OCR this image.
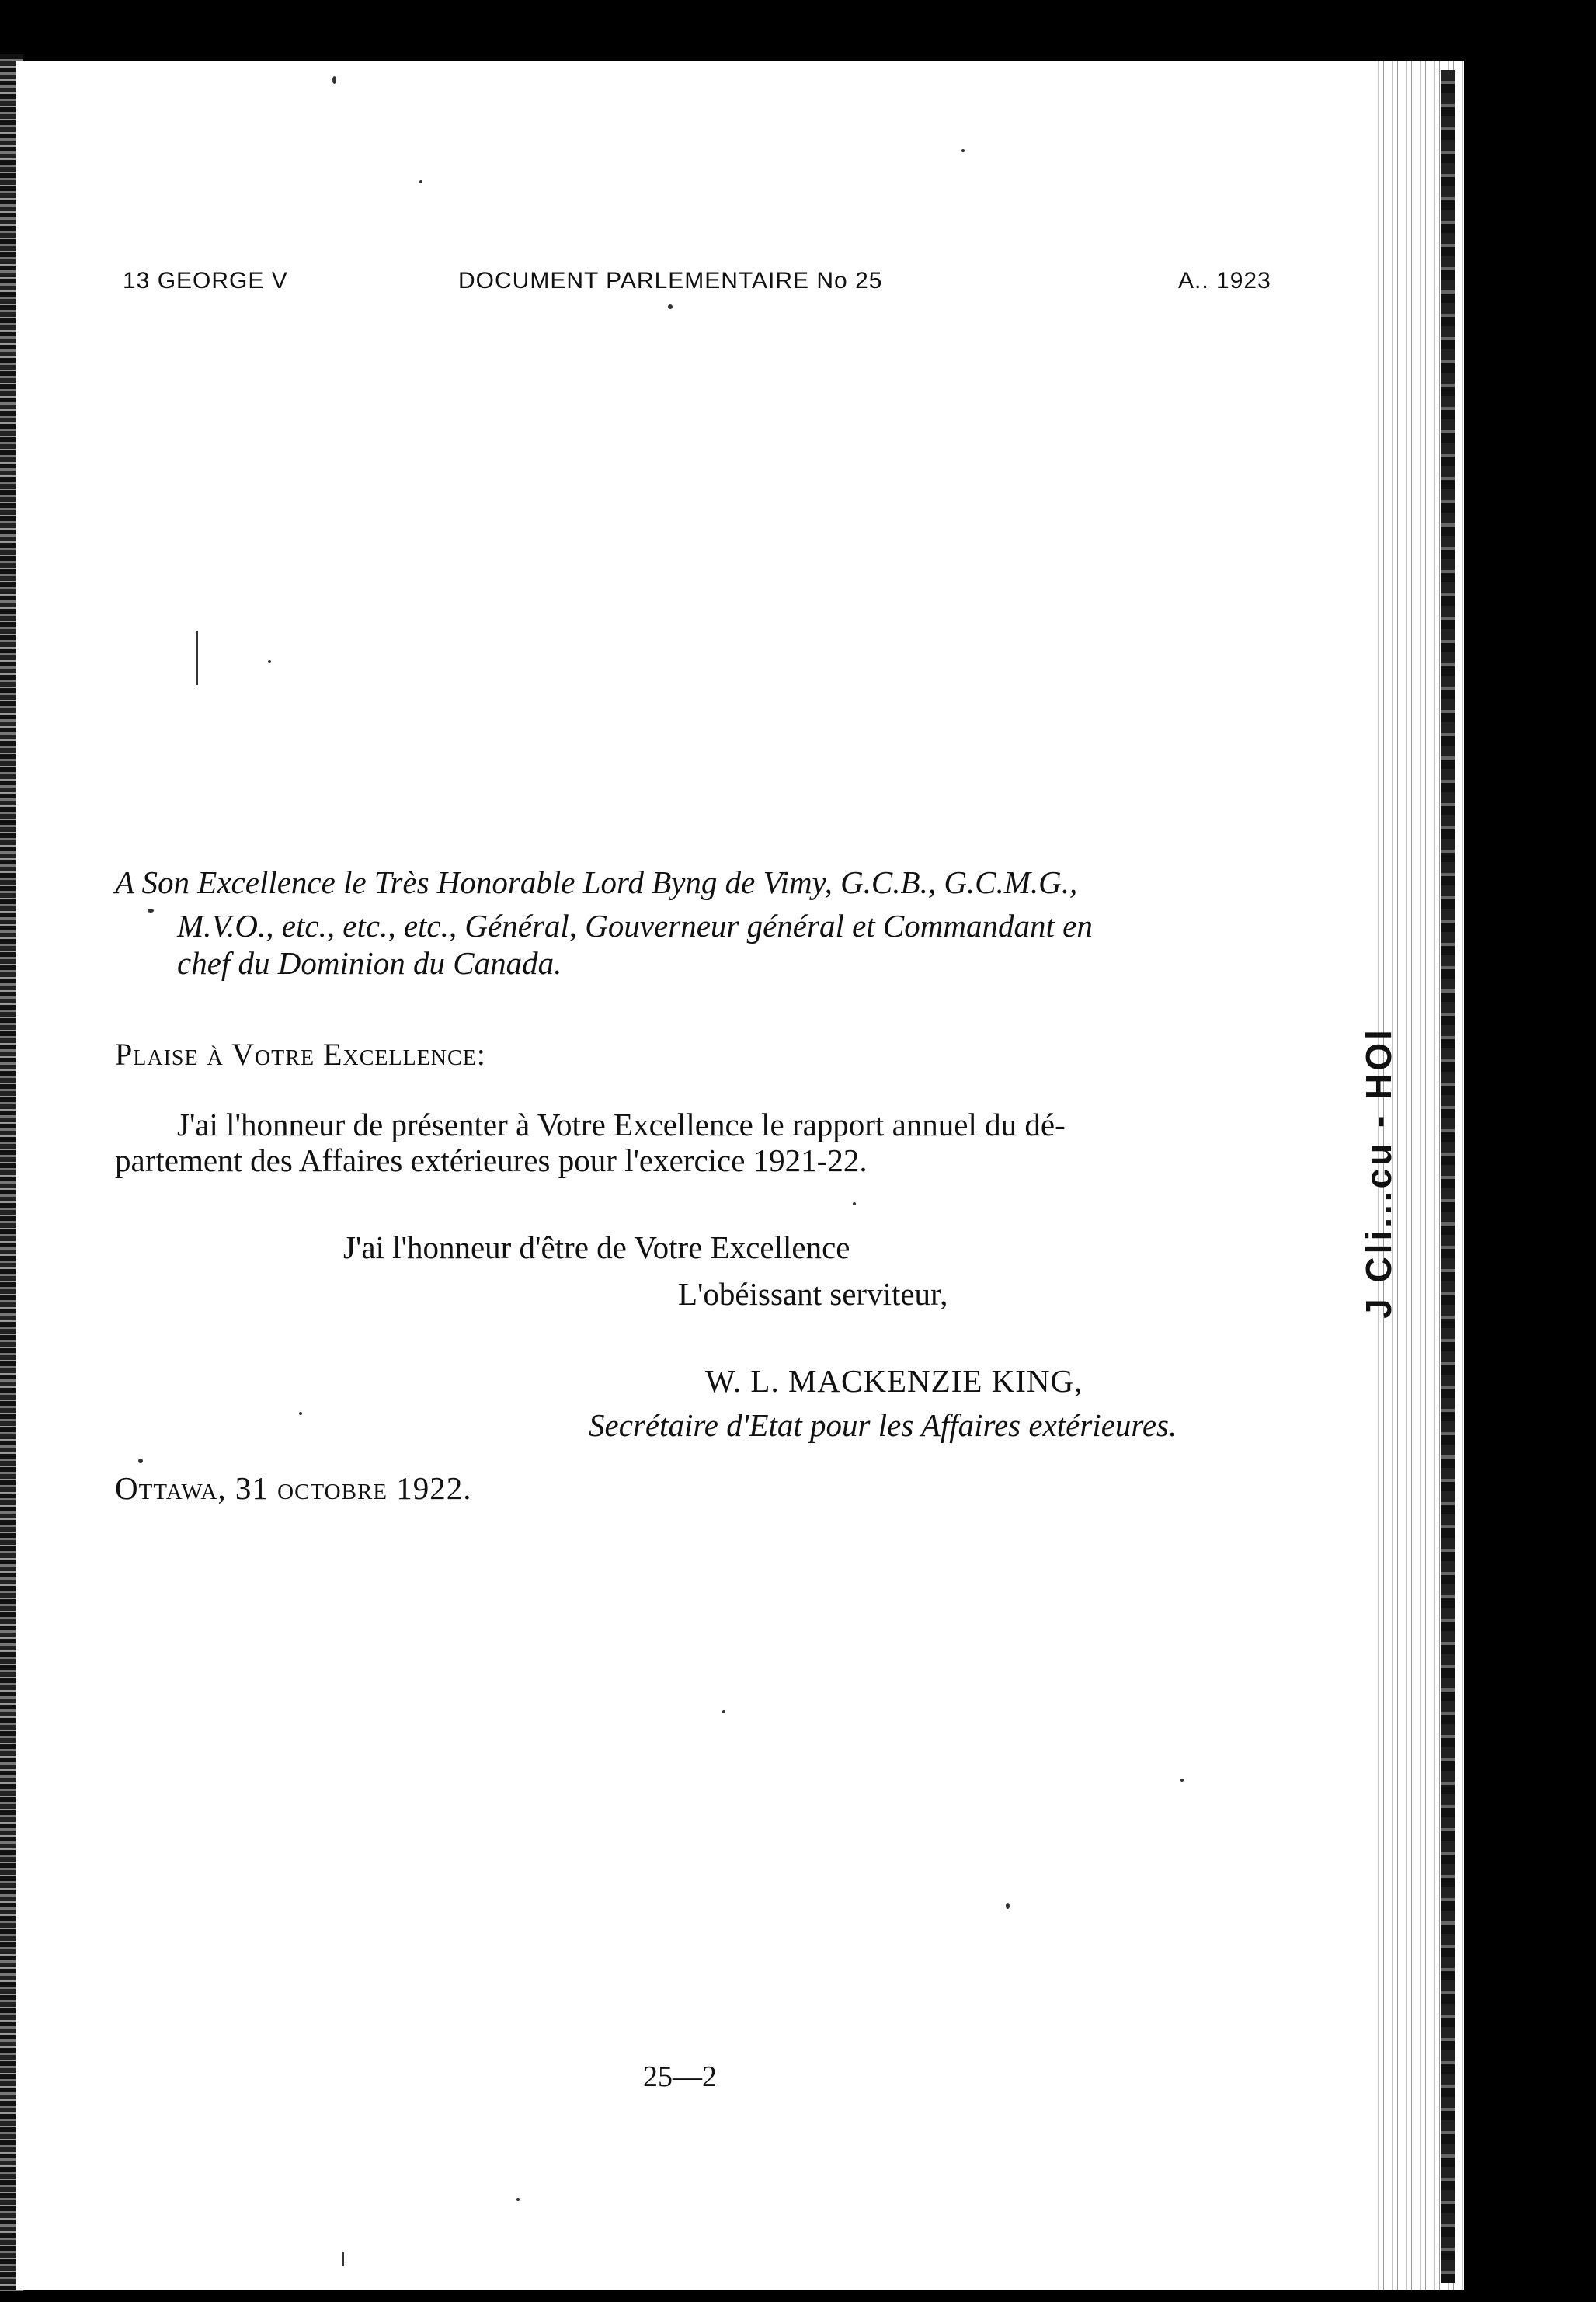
J Cli...cu - HOl
13 GEORGE V	DOCUMENT PARLEMENTAIRE No 25	A.. 1923
A Son Excellence le Très Honorable Lord Byng de Vimy, G.C.B., G.C.M.G.,
M.V.O., etc., etc., etc., Général, Gouverneur général et Commandant en
chef du Dominion du Canada.
Plaise à Votre Excellence:
J'ai l'honneur de présenter à Votre Excellence le rapport annuel du dé-
partement des Affaires extérieures pour l'exercice 1921-22.
J'ai l'honneur d'être de Votre Excellence
L'obéissant serviteur,
W. L. MACKENZIE KING,
Secrétaire d'Etat pour les Affaires extérieures.
Ottawa, 31 octobre 1922.
25—2
